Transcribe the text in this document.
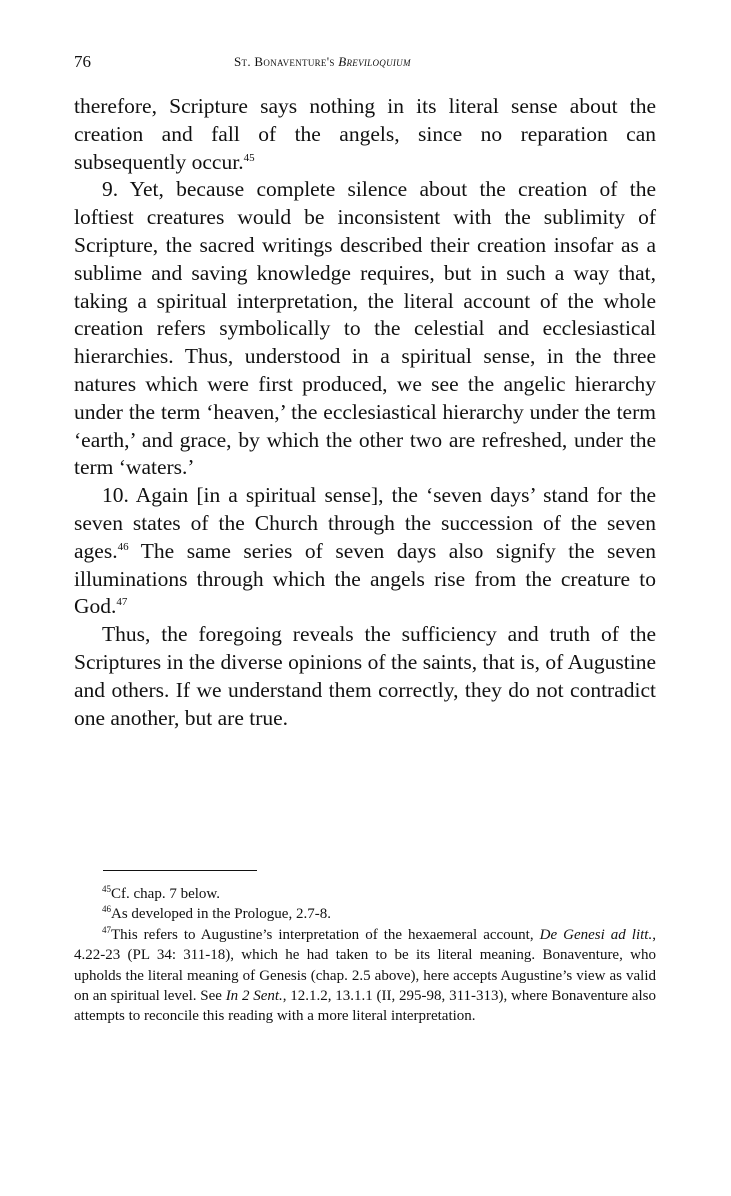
76	St. Bonaventure's Breviloquium

therefore, Scripture says nothing in its literal sense about the creation and fall of the angels, since no reparation can subsequently occur.$^{45}$

9. Yet, because complete silence about the creation of the loftiest creatures would be inconsistent with the sublimity of Scripture, the sacred writings described their creation insofar as a sublime and saving knowledge requires, but in such a way that, taking a spiritual interpretation, the literal account of the whole creation refers symbolically to the celestial and ecclesiastical hierarchies. Thus, understood in a spiritual sense, in the three natures which were first produced, we see the angelic hierarchy under the term ‘heaven,’ the ecclesiastical hierarchy under the term ‘earth,’ and grace, by which the other two are refreshed, under the term ‘waters.’

10. Again [in a spiritual sense], the ‘seven days’ stand for the seven states of the Church through the succession of the seven ages.$^{46}$ The same series of seven days also signify the seven illuminations through which the angels rise from the creature to God.$^{47}$

Thus, the foregoing reveals the sufficiency and truth of the Scriptures in the diverse opinions of the saints, that is, of Augustine and others. If we understand them correctly, they do not contradict one another, but are true.

$^{45}$Cf. chap. 7 below.

$^{46}$As developed in the Prologue, 2.7-8.

$^{47}$This refers to Augustine’s interpretation of the hexaemeral account, De Genesi ad litt., 4.22-23 (PL 34: 311-18), which he had taken to be its literal meaning. Bonaventure, who upholds the literal meaning of Genesis (chap. 2.5 above), here accepts Augustine’s view as valid on an spiritual level. See In 2 Sent., 12.1.2, 13.1.1 (II, 295-98, 311-313), where Bonaventure also attempts to reconcile this reading with a more literal interpretation.
